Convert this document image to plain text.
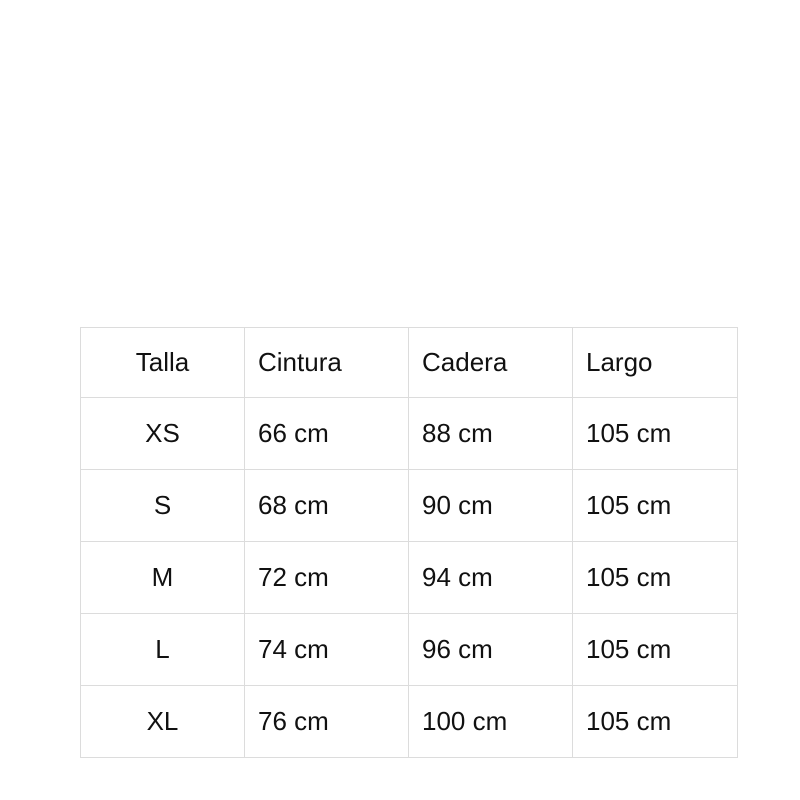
Talla	Cintura	Cadera	Largo
XS	66 cm	88 cm	105 cm
S	68 cm	90 cm	105 cm
M	72 cm	94 cm	105 cm
L	74 cm	96 cm	105 cm
XL	76 cm	100 cm	105 cm
